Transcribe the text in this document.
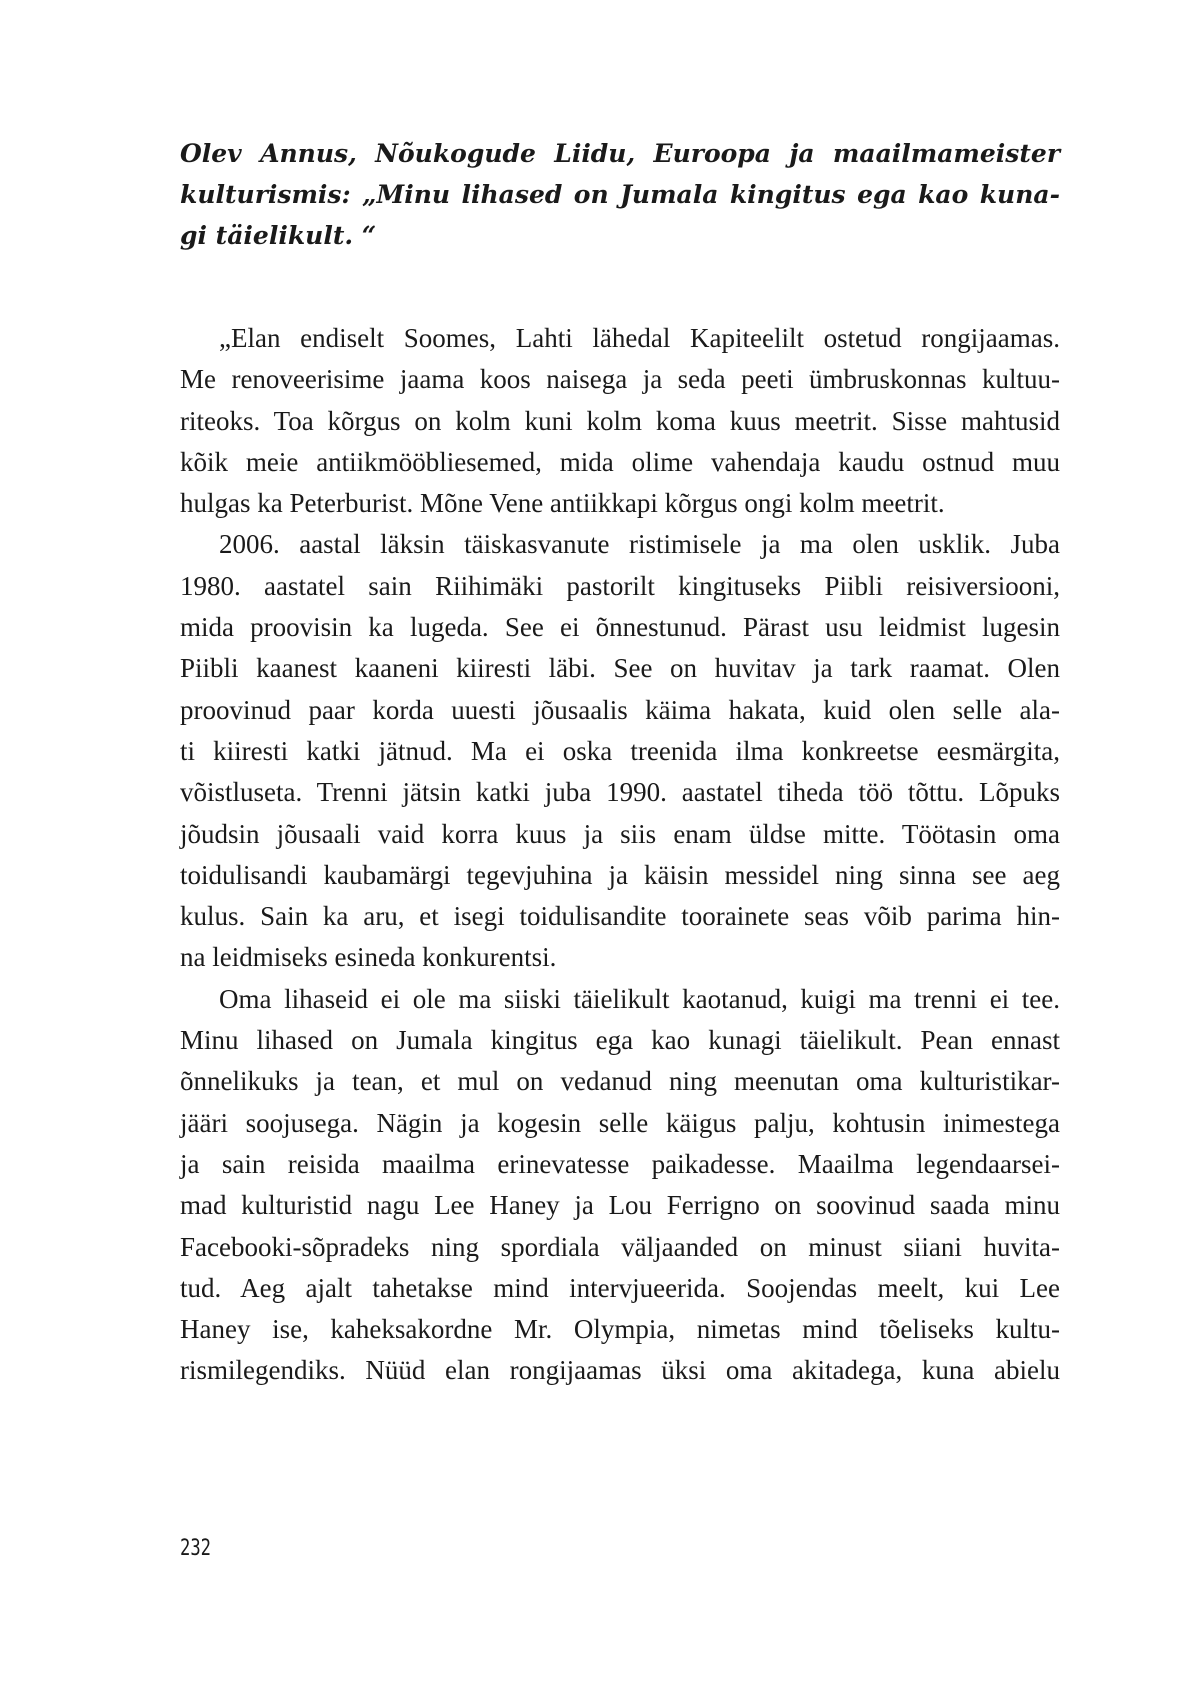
Olev Annus, Nõukogude Liidu, Euroopa ja maailmameister
kulturismis: „Minu lihased on Jumala kingitus ega kao kuna-
gi täielikult. “

„Elan endiselt Soomes, Lahti lähedal Kapiteelilt ostetud rongijaamas.
Me renoveerisime jaama koos naisega ja seda peeti ümbruskonnas kultuu-
riteoks. Toa kõrgus on kolm kuni kolm koma kuus meetrit. Sisse mahtusid
kõik meie antiikmööbliesemed, mida olime vahendaja kaudu ostnud muu
hulgas ka Peterburist. Mõne Vene antiikkapi kõrgus ongi kolm meetrit.

2006. aastal läksin täiskasvanute ristimisele ja ma olen usklik. Juba
1980. aastatel sain Riihimäki pastorilt kingituseks Piibli reisiversiooni,
mida proovisin ka lugeda. See ei õnnestunud. Pärast usu leidmist lugesin
Piibli kaanest kaaneni kiiresti läbi. See on huvitav ja tark raamat. Olen
proovinud paar korda uuesti jõusaalis käima hakata, kuid olen selle ala-
ti kiiresti katki jätnud. Ma ei oska treenida ilma konkreetse eesmärgita,
võistluseta. Trenni jätsin katki juba 1990. aastatel tiheda töö tõttu. Lõpuks
jõudsin jõusaali vaid korra kuus ja siis enam üldse mitte. Töötasin oma
toidulisandi kaubamärgi tegevjuhina ja käisin messidel ning sinna see aeg
kulus. Sain ka aru, et isegi toidulisandite toorainete seas võib parima hin-
na leidmiseks esineda konkurentsi.

Oma lihaseid ei ole ma siiski täielikult kaotanud, kuigi ma trenni ei tee.
Minu lihased on Jumala kingitus ega kao kunagi täielikult. Pean ennast
õnnelikuks ja tean, et mul on vedanud ning meenutan oma kulturistikar-
jääri soojusega. Nägin ja kogesin selle käigus palju, kohtusin inimestega
ja sain reisida maailma erinevatesse paikadesse. Maailma legendaarsei-
mad kulturistid nagu Lee Haney ja Lou Ferrigno on soovinud saada minu
Facebooki-sõpradeks ning spordiala väljaanded on minust siiani huvita-
tud. Aeg ajalt tahetakse mind intervjueerida. Soojendas meelt, kui Lee
Haney ise, kaheksakordne Mr. Olympia, nimetas mind tõeliseks kultu-
rismilegendiks. Nüüd elan rongijaamas üksi oma akitadega, kuna abielu

232
